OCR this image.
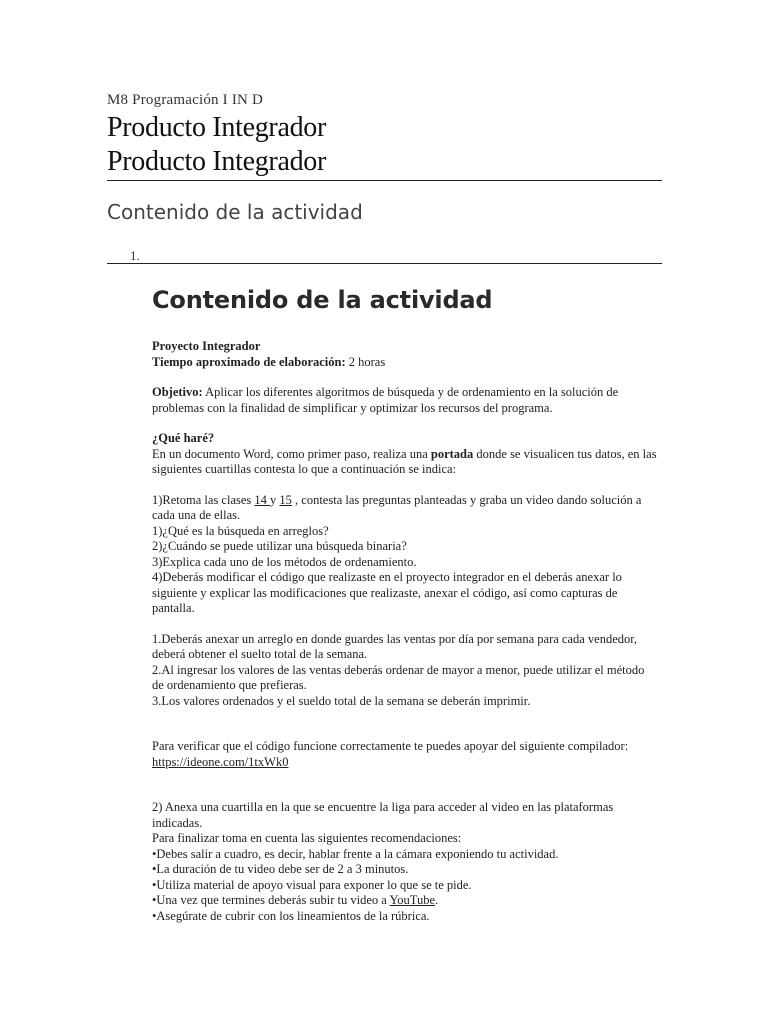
M8 Programación I IN D
Producto Integrador
Producto Integrador
Contenido de la actividad
1.
Contenido de la actividad
Proyecto Integrador
Tiempo aproximado de elaboración: 2 horas
Objetivo: Aplicar los diferentes algoritmos de búsqueda y de ordenamiento en la solución de problemas con la finalidad de simplificar y optimizar los recursos del programa.
¿Qué haré?
En un documento Word, como primer paso, realiza una portada donde se visualicen tus datos, en las siguientes cuartillas contesta lo que a continuación se indica:
1)Retoma las clases 14 y 15 , contesta las preguntas planteadas y graba un video dando solución a cada una de ellas.
1)¿Qué es la búsqueda en arreglos?
2)¿Cuándo se puede utilizar una búsqueda binaria?
3)Explica cada uno de los métodos de ordenamiento.
4)Deberás modificar el código que realizaste en el proyecto integrador en el deberás anexar lo siguiente y explicar las modificaciones que realizaste, anexar el código, así como capturas de pantalla.
1.Deberás anexar un arreglo en donde guardes las ventas por día por semana para cada vendedor, deberá obtener el suelto total de la semana.
2.Al ingresar los valores de las ventas deberás ordenar de mayor a menor, puede utilizar el método de ordenamiento que prefieras.
3.Los valores ordenados y el sueldo total de la semana se deberán imprimir.
Para verificar que el código funcione correctamente te puedes apoyar del siguiente compilador: https://ideone.com/1txWk0
2) Anexa una cuartilla en la que se encuentre la liga para acceder al video en las plataformas indicadas.
Para finalizar toma en cuenta las siguientes recomendaciones:
•Debes salir a cuadro, es decir, hablar frente a la cámara exponiendo tu actividad.
•La duración de tu video debe ser de 2 a 3 minutos.
•Utiliza material de apoyo visual para exponer lo que se te pide.
•Una vez que termines deberás subir tu video a YouTube.
•Asegúrate de cubrir con los lineamientos de la rúbrica.
